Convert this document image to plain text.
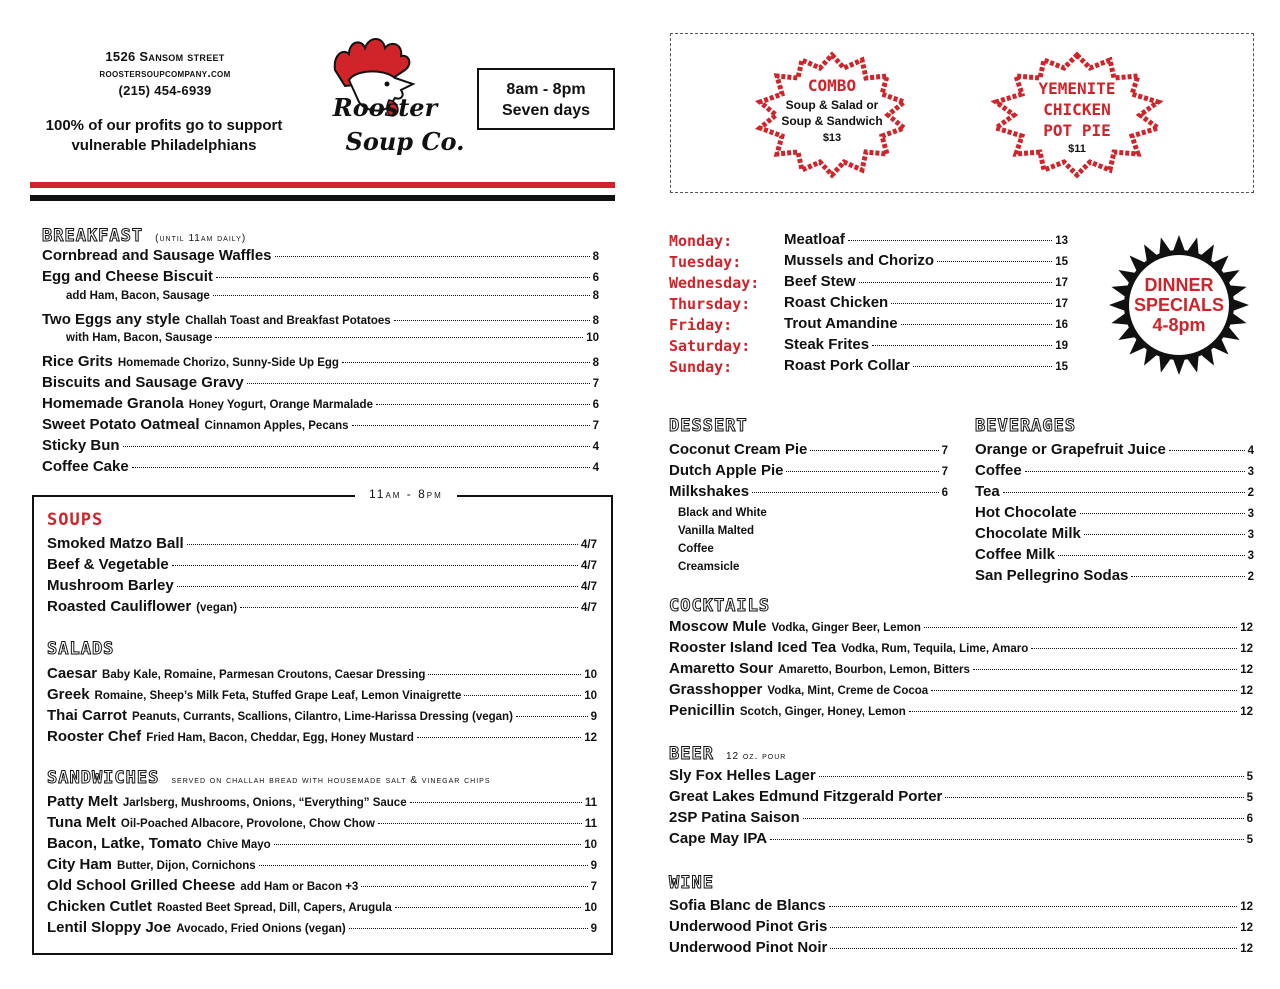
1526 Sansom street
roostersoupcompany.com
(215) 454-6939
100% of our profits go to support
vulnerable Philadelphians
Rooster
Soup Co.
8am - 8pm
Seven days
BREAKFAST (until 11am daily)
Cornbread and Sausage Waffles	8
Egg and Cheese Biscuit	6
add Ham, Bacon, Sausage	8
Two Eggs any style Challah Toast and Breakfast Potatoes	8
with Ham, Bacon, Sausage	10
Rice Grits Homemade Chorizo, Sunny-Side Up Egg	8
Biscuits and Sausage Gravy	7
Homemade Granola Honey Yogurt, Orange Marmalade	6
Sweet Potato Oatmeal Cinnamon Apples, Pecans	7
Sticky Bun	4
Coffee Cake	4
11am - 8pm
SOUPS
Smoked Matzo Ball	4/7
Beef & Vegetable	4/7
Mushroom Barley	4/7
Roasted Cauliflower (vegan)	4/7
SALADS
Caesar Baby Kale, Romaine, Parmesan Croutons, Caesar Dressing	10
Greek Romaine, Sheep’s Milk Feta, Stuffed Grape Leaf, Lemon Vinaigrette	10
Thai Carrot Peanuts, Currants, Scallions, Cilantro, Lime-Harissa Dressing (vegan)	9
Rooster Chef Fried Ham, Bacon, Cheddar, Egg, Honey Mustard	12
SANDWICHES served on challah bread with housemade salt & vinegar chips
Patty Melt Jarlsberg, Mushrooms, Onions, “Everything” Sauce	11
Tuna Melt Oil-Poached Albacore, Provolone, Chow Chow	11
Bacon, Latke, Tomato Chive Mayo	10
City Ham Butter, Dijon, Cornichons	9
Old School Grilled Cheese add Ham or Bacon +3	7
Chicken Cutlet Roasted Beet Spread, Dill, Capers, Arugula	10
Lentil Sloppy Joe Avocado, Fried Onions (vegan)	9
COMBO
Soup & Salad or
Soup & Sandwich
$13
YEMENITE
CHICKEN
POT PIE
$11
Monday:	Meatloaf	13
Tuesday:	Mussels and Chorizo	15
Wednesday: Beef Stew	17
Thursday: Roast Chicken	17
Friday:	Trout Amandine	16
Saturday: Steak Frites	19
Sunday:	Roast Pork Collar	15
DINNER
SPECIALS
4-8pm
DESSERT
Coconut Cream Pie	7
Dutch Apple Pie	7
Milkshakes	6
Black and White
Vanilla Malted
Coffee
Creamsicle
BEVERAGES
Orange or Grapefruit Juice	4
Coffee	3
Tea	2
Hot Chocolate	3
Chocolate Milk	3
Coffee Milk	3
San Pellegrino Sodas	2
COCKTAILS
Moscow Mule Vodka, Ginger Beer, Lemon	12
Rooster Island Iced Tea Vodka, Rum, Tequila, Lime, Amaro	12
Amaretto Sour Amaretto, Bourbon, Lemon, Bitters	12
Grasshopper Vodka, Mint, Creme de Cocoa	12
Penicillin Scotch, Ginger, Honey, Lemon	12
BEER 12 oz. pour
Sly Fox Helles Lager	5
Great Lakes Edmund Fitzgerald Porter	5
2SP Patina Saison	6
Cape May IPA	5
WINE
Sofia Blanc de Blancs	12
Underwood Pinot Gris	12
Underwood Pinot Noir	12
